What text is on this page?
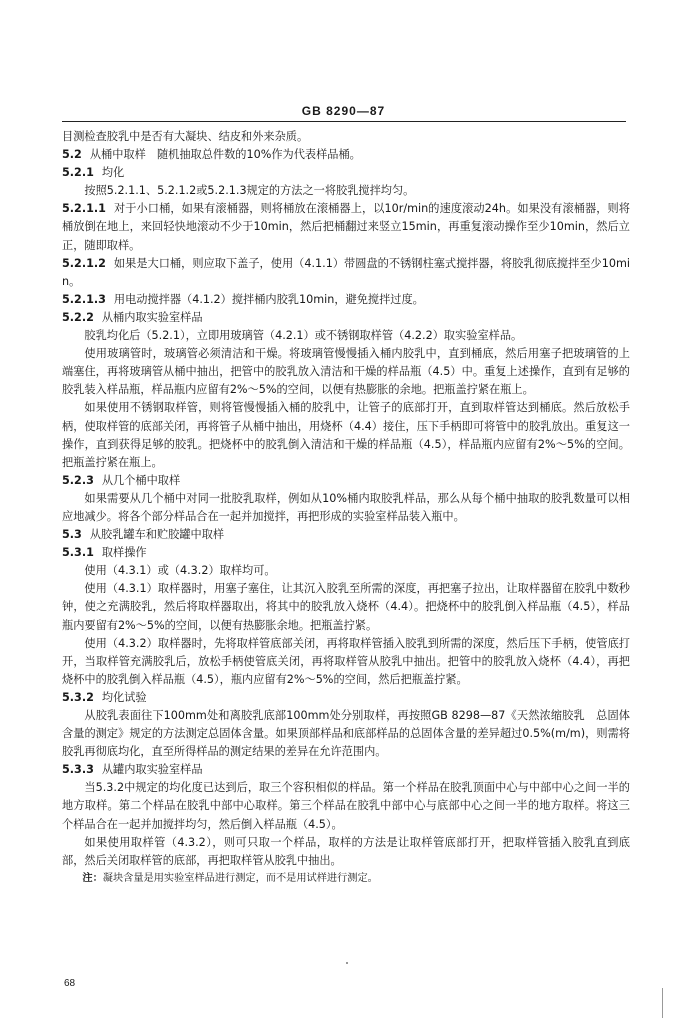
GB 8290—87
目测检查胶乳中是否有大凝块、结皮和外来杂质。
5.2 从桶中取样　随机抽取总件数的10%作为代表样品桶。
5.2.1 均化
按照5.2.1.1、5.2.1.2或5.2.1.3规定的方法之一将胶乳搅拌均匀。
5.2.1.1 对于小口桶，如果有滚桶器，则将桶放在滚桶器上，以10r/min的速度滚动24h。如果没有滚桶器，则将桶放倒在地上，来回轻快地滚动不少于10min，然后把桶翻过来竖立15min，再重复滚动操作至少10min，然后立正，随即取样。
5.2.1.2 如果是大口桶，则应取下盖子，使用（4.1.1）带圆盘的不锈钢柱塞式搅拌器，将胶乳彻底搅拌至少10min。
5.2.1.3 用电动搅拌器（4.1.2）搅拌桶内胶乳10min，避免搅拌过度。
5.2.2 从桶内取实验室样品
胶乳均化后（5.2.1），立即用玻璃管（4.2.1）或不锈钢取样管（4.2.2）取实验室样品。
使用玻璃管时，玻璃管必须清洁和干燥。将玻璃管慢慢插入桶内胶乳中，直到桶底，然后用塞子把玻璃管的上端塞住，再将玻璃管从桶中抽出，把管中的胶乳放入清洁和干燥的样品瓶（4.5）中。重复上述操作，直到有足够的胶乳装入样品瓶，样品瓶内应留有2%～5%的空间，以便有热膨胀的余地。把瓶盖拧紧在瓶上。
如果使用不锈钢取样管，则将管慢慢插入桶的胶乳中，让管子的底部打开，直到取样管达到桶底。然后放松手柄，使取样管的底部关闭，再将管子从桶中抽出，用烧杯（4.4）接住，压下手柄即可将管中的胶乳放出。重复这一操作，直到获得足够的胶乳。把烧杯中的胶乳倒入清洁和干燥的样品瓶（4.5），样品瓶内应留有2%～5%的空间。把瓶盖拧紧在瓶上。
5.2.3 从几个桶中取样
如果需要从几个桶中对同一批胶乳取样，例如从10%桶内取胶乳样品，那么从每个桶中抽取的胶乳数量可以相应地减少。将各个部分样品合在一起并加搅拌，再把形成的实验室样品装入瓶中。
5.3 从胶乳罐车和贮胶罐中取样
5.3.1 取样操作
使用（4.3.1）或（4.3.2）取样均可。
使用（4.3.1）取样器时，用塞子塞住，让其沉入胶乳至所需的深度，再把塞子拉出，让取样器留在胶乳中数秒钟，使之充满胶乳，然后将取样器取出，将其中的胶乳放入烧杯（4.4）。把烧杯中的胶乳倒入样品瓶（4.5），样品瓶内要留有2%～5%的空间，以便有热膨胀余地。把瓶盖拧紧。
使用（4.3.2）取样器时，先将取样管底部关闭，再将取样管插入胶乳到所需的深度，然后压下手柄，使管底打开，当取样管充满胶乳后，放松手柄使管底关闭，再将取样管从胶乳中抽出。把管中的胶乳放入烧杯（4.4），再把烧杯中的胶乳倒入样品瓶（4.5），瓶内应留有2%～5%的空间，然后把瓶盖拧紧。
5.3.2 均化试验
从胶乳表面往下100mm处和离胶乳底部100mm处分别取样，再按照GB 8298—87《天然浓缩胶乳　总固体含量的测定》规定的方法测定总固体含量。如果顶部样品和底部样品的总固体含量的差异超过0.5%(m/m)，则需将胶乳再彻底均化，直至所得样品的测定结果的差异在允许范围内。
5.3.3 从罐内取实验室样品
当5.3.2中规定的均化度已达到后，取三个容积相似的样品。第一个样品在胶乳顶面中心与中部中心之间一半的地方取样。第二个样品在胶乳中部中心取样。第三个样品在胶乳中部中心与底部中心之间一半的地方取样。将这三个样品合在一起并加搅拌均匀，然后倒入样品瓶（4.5）。
如果使用取样管（4.3.2），则可只取一个样品，取样的方法是让取样管底部打开，把取样管插入胶乳直到底部，然后关闭取样管的底部，再把取样管从胶乳中抽出。
注：凝块含量是用实验室样品进行测定，而不是用试样进行测定。
68
